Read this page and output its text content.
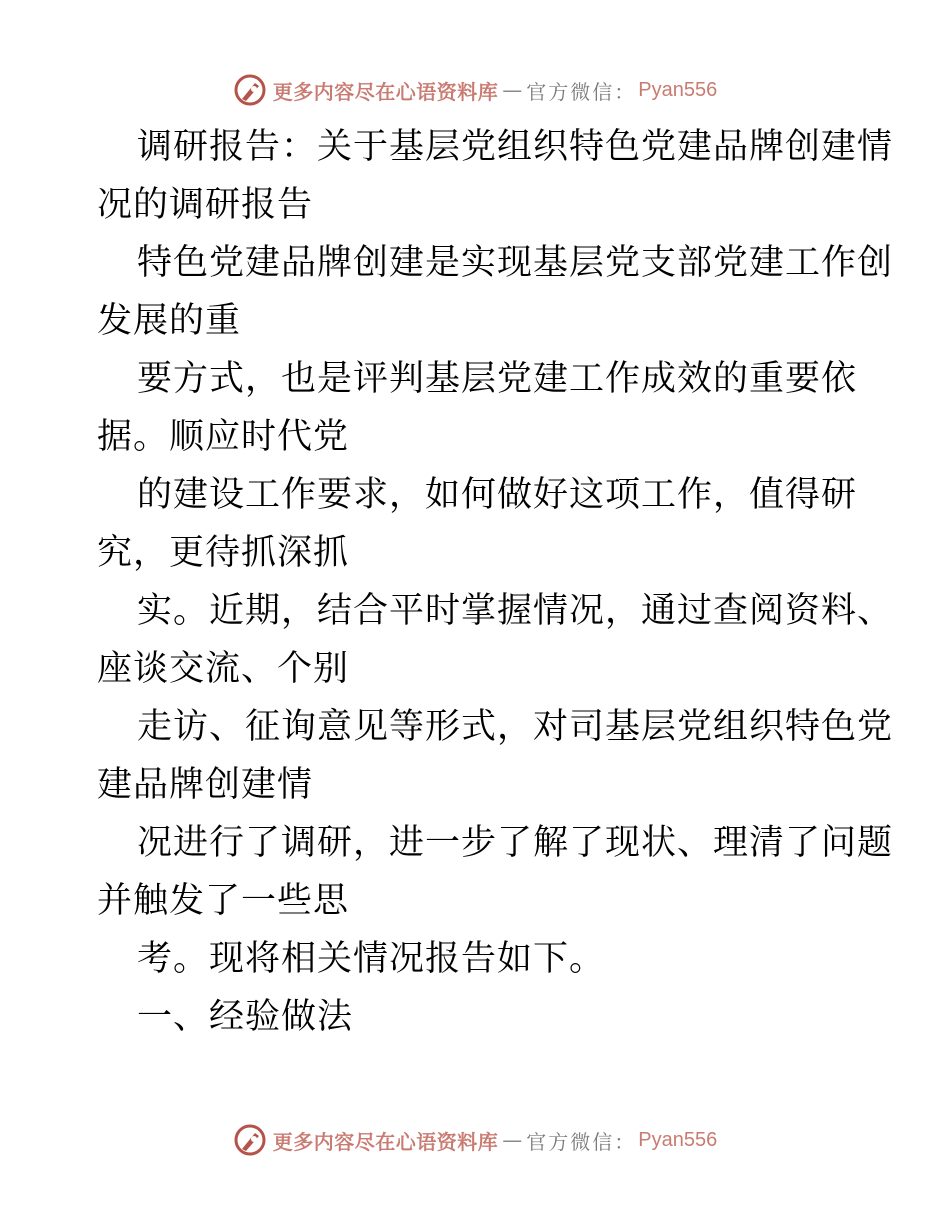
更多内容尽在心语资料库 — 官方微信： Pyan556
调研报告：关于基层党组织特色党建品牌创建情
况的调研报告
特色党建品牌创建是实现基层党支部党建工作创
发展的重
要方式，也是评判基层党建工作成效的重要依
据。顺应时代党
的建设工作要求，如何做好这项工作，值得研
究，更待抓深抓
实。近期，结合平时掌握情况，通过查阅资料、
座谈交流、个别
走访、征询意见等形式，对司基层党组织特色党
建品牌创建情
况进行了调研，进一步了解了现状、理清了问题
并触发了一些思
考。现将相关情况报告如下。
一、经验做法
更多内容尽在心语资料库 — 官方微信： Pyan556
